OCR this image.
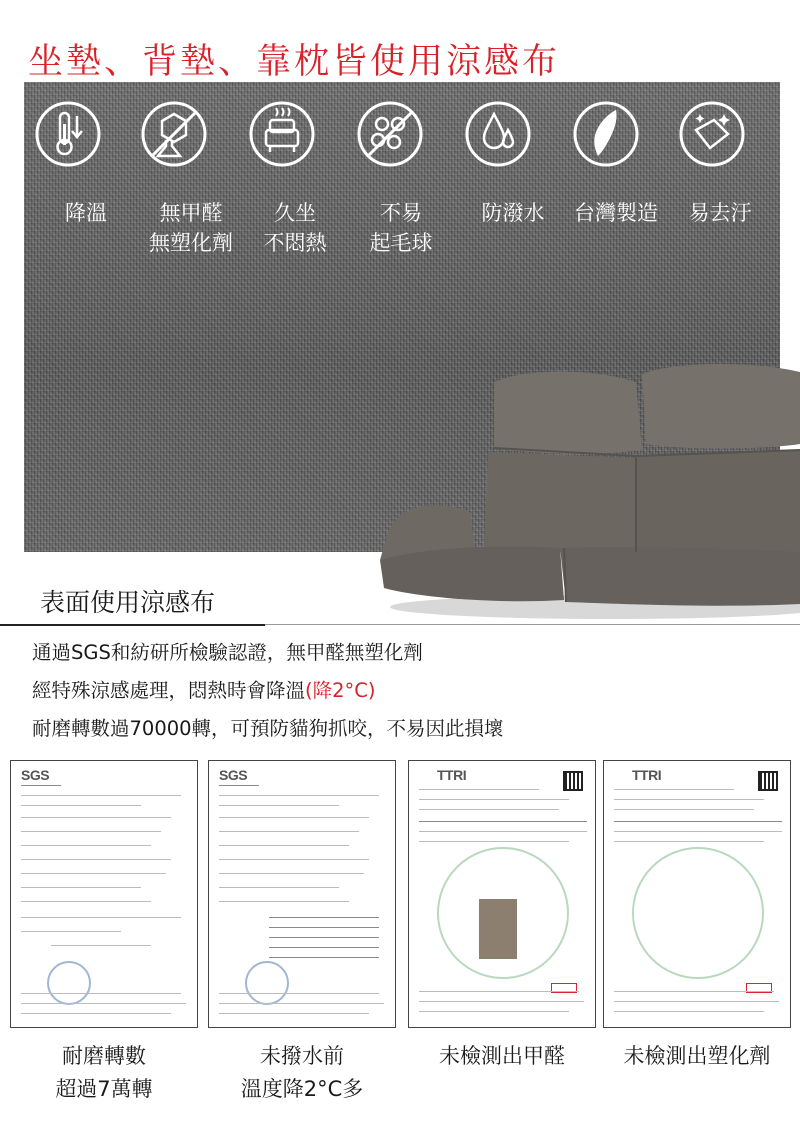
坐墊、背墊、靠枕皆使用涼感布
降溫	無甲醛
無塑化劑
久坐
不悶熱
不易
起毛球
防潑水	台灣製造	易去汙
表面使用涼感布
通過SGS和紡研所檢驗認證，無甲醛無塑化劑
經特殊涼感處理，悶熱時會降溫(降2°C)
耐磨轉數過70000轉，可預防貓狗抓咬，不易因此損壞
SGS	SGS	TTRI	TTRI
耐磨轉數
超過7萬轉
未撥水前
溫度降2°C多
未檢測出甲醛	未檢測出塑化劑
